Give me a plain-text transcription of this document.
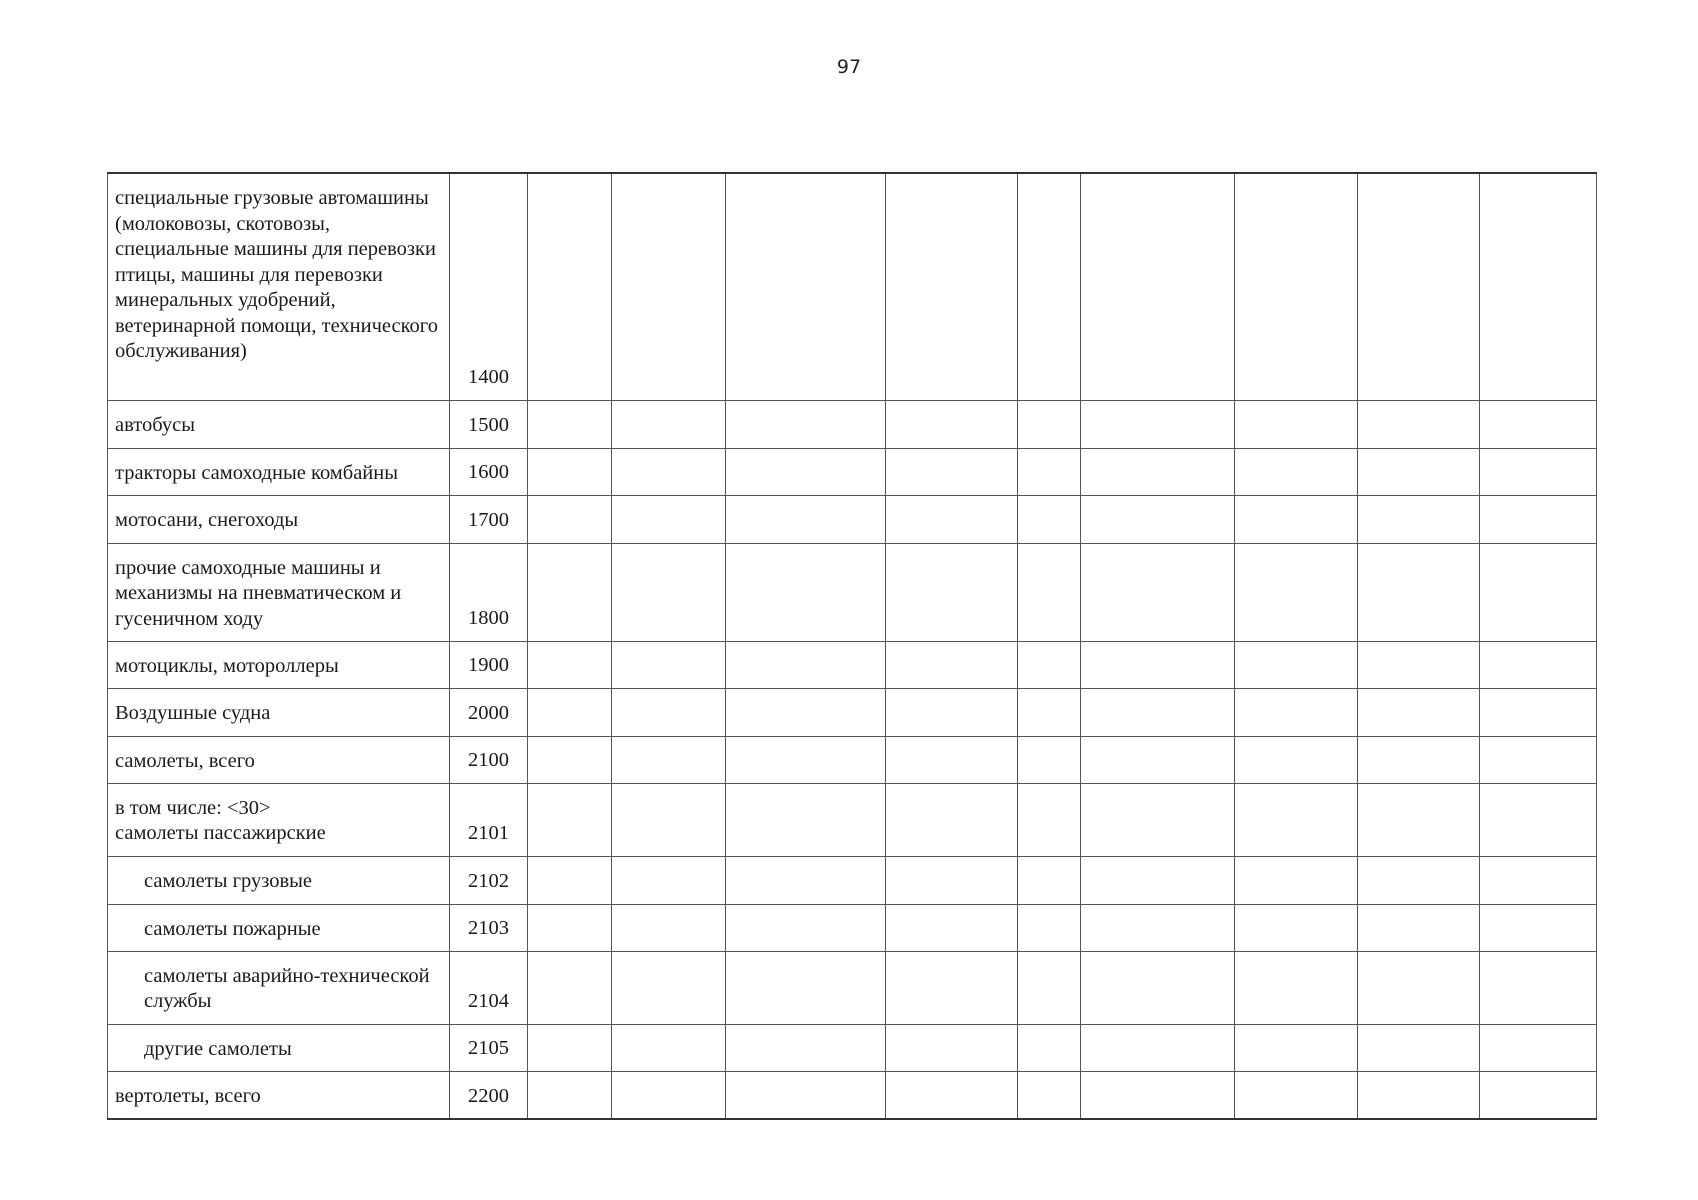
97
специальные грузовые автомашины (молоковозы, скотовозы, специальные машины для перевозки птицы, машины для перевозки минеральных удобрений, ветеринарной помощи, технического обслуживания)	1400									
автобусы	1500									
тракторы самоходные комбайны	1600									
мотосани, снегоходы	1700									
прочие самоходные машины и механизмы на пневматическом и гусеничном ходу	1800									
мотоциклы, мотороллеры	1900									
Воздушные судна	2000									
самолеты, всего	2100									
в том числе: <30>
самолеты пассажирские	2101									
самолеты грузовые	2102									
самолеты пожарные	2103									
самолеты аварийно-технической службы	2104									
другие самолеты	2105									
вертолеты, всего	2200									
